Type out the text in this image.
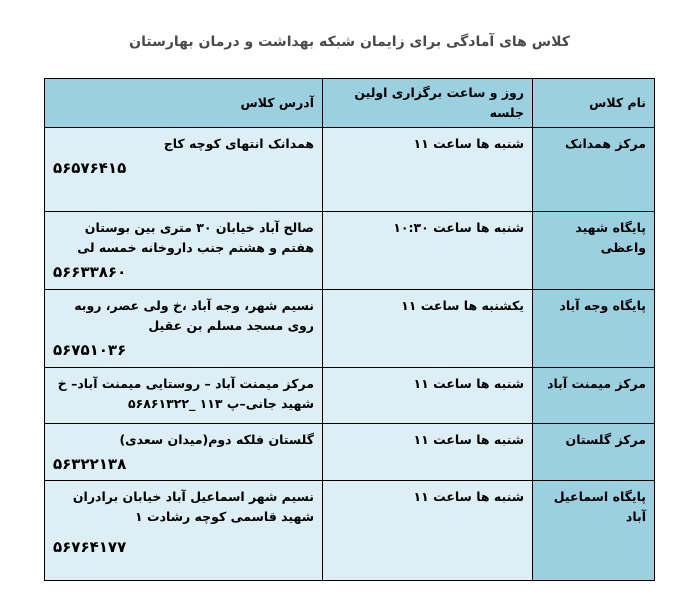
کلاس های آمادگی برای زایمان شبکه بهداشت و درمان بهارستان
نام کلاس	روز و ساعت برگزاری اولین جلسه	آدرس کلاس
مرکز همدانک	شنبه ها ساعت ۱۱	همدانک انتهای کوچه کاج
۵۶۵۷۶۴۱۵

پایگاه شهید واعظی	شنبه ها ساعت ۱۰:۳۰	صالح آباد خیابان ۳۰ متری بین بوستان هفتم و هشتم جنب داروخانه خمسه لی
۵۶۶۳۳۸۶۰

پایگاه وجه آباد	یکشنبه ها ساعت ۱۱	نسیم شهر، وجه آباد ،خ ولی عصر، روبه روی مسجد مسلم بن عقیل
۵۶۷۵۱۰۳۶

مرکز میمنت آباد	شنبه ها ساعت ۱۱	مرکز میمنت آباد – روستایی میمنت آباد– خ شهید جانی–پ ۱۱۳ _۵۶۸۶۱۳۲۲

مرکز گلستان	شنبه ها ساعت ۱۱	گلستان فلکه دوم(میدان سعدی)
۵۶۳۲۲۱۳۸

پایگاه اسماعیل آباد	شنبه ها ساعت ۱۱	نسیم شهر اسماعیل آباد خیابان برادران شهید قاسمی کوچه رشادت ۱
۵۶۷۶۴۱۷۷
